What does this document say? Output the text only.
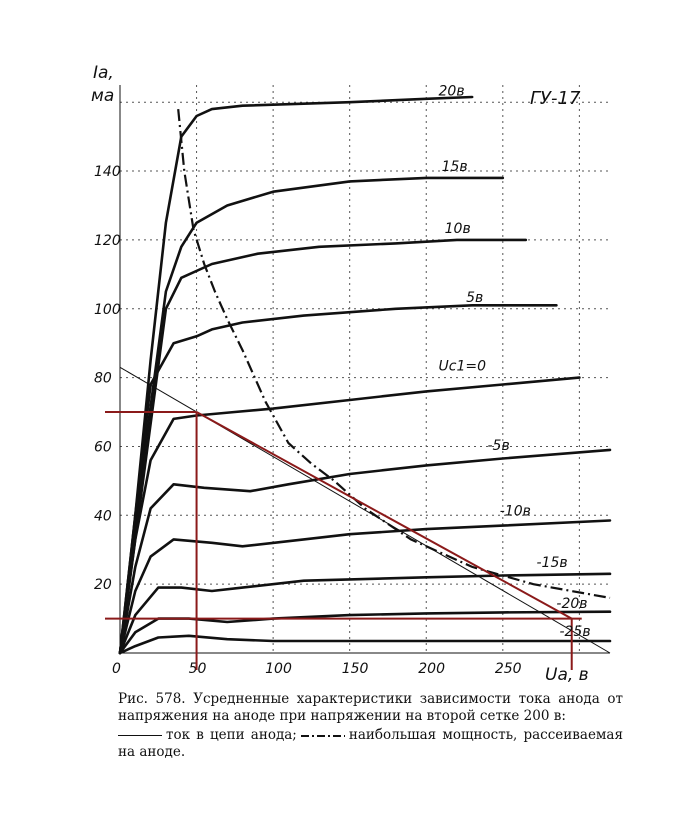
0	50	100	150	200	250
20
40
60
80
100
120
140
20в
15в
10в
5в
Uс1=0
-5в
-10в
-15в
-20в
-25в
ГУ-17
Iа,
ма
Uа, в

Рис. 578. Усредненные характеристики зависимости тока анода от напряжения на аноде при напряжении на второй сетке 200 в:

ток в цепи анода;	наибольшая мощность, рассеиваемая на аноде.
